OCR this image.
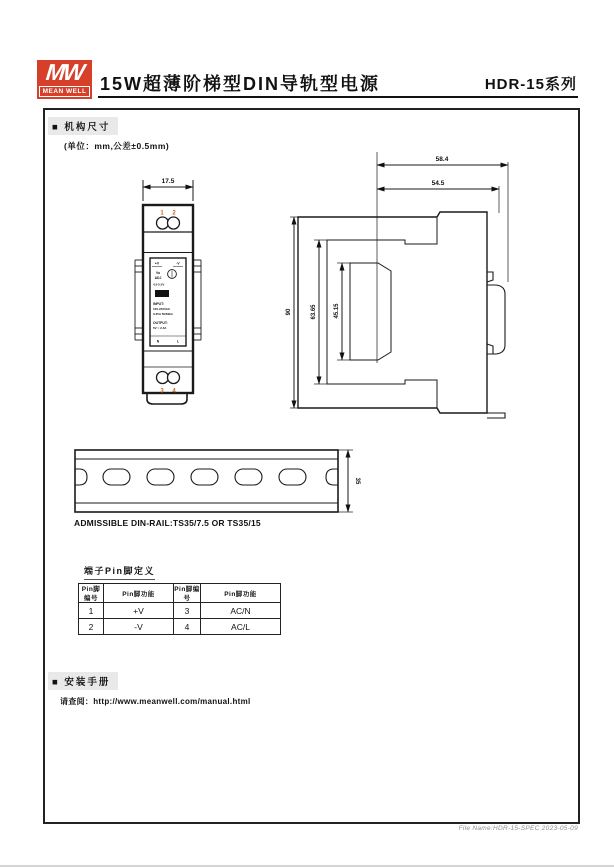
MW
MEAN WELL 15W超薄阶梯型DIN导轨型电源	HDR-15系列
■ 机构尺寸
(单位：mm,公差±0.5mm)
17.5
1 2
3 4
+V	-V
Vo
ADJ
4.5-5.5V
MW
INPUT:
100-240VAC
0.35A 50/60Hz
OUTPUT:
5V = 2.4A
N	L
58.4
54.5
90	63.65	45.15
35
ADMISSIBLE DIN-RAIL:TS35/7.5 OR TS35/15
端子Pin脚定义
Pin脚编号	Pin脚功能	Pin脚编号	Pin脚功能
1	+V	3	AC/N
2	-V	4	AC/L
■ 安装手册
请查阅：http://www.meanwell.com/manual.html
File Name:HDR-15-SPEC 2023-05-09
